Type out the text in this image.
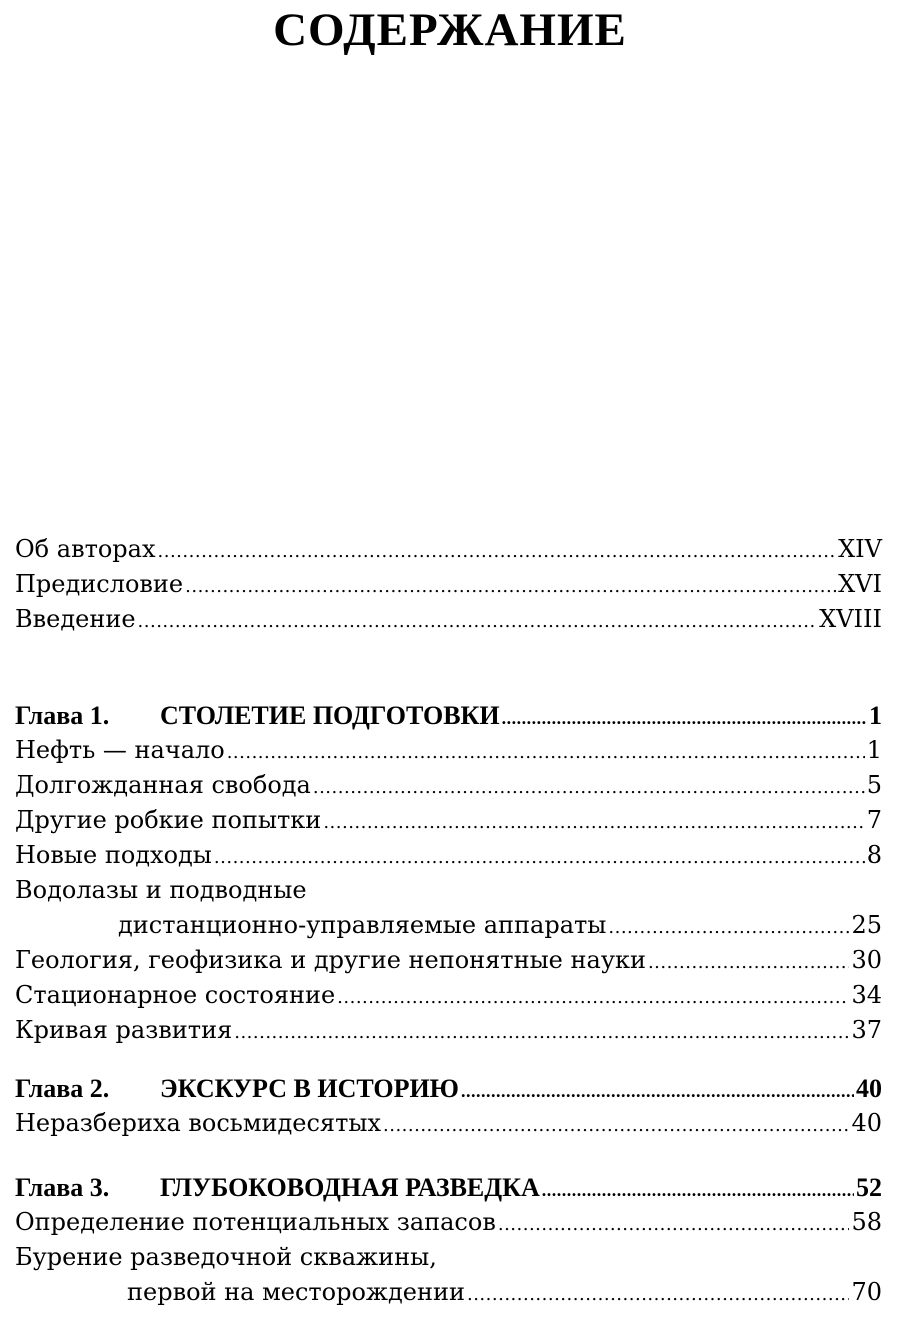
СОДЕРЖАНИЕ
Об авторах .....	XIV
Предисловие .....	XVI
Введение .....	XVIII
Глава 1. СТОЛЕТИЕ ПОДГОТОВКИ .....	1
Нефть — начало .....	1
Долгожданная свобода .....	5
Другие робкие попытки .....	7
Новые подходы .....	8
Водолазы и подводные
дистанционно-управляемые аппараты .....	25
Геология, геофизика и другие непонятные науки .....	30
Стационарное состояние .....	34
Кривая развития .....	37
Глава 2. ЭКСКУРС В ИСТОРИЮ .....	40
Неразбериха восьмидесятых .....	40
Глава 3. ГЛУБОКОВОДНАЯ РАЗВЕДКА .....	52
Определение потенциальных запасов .....	58
Бурение разведочной скважины,
первой на месторождении .....	70
